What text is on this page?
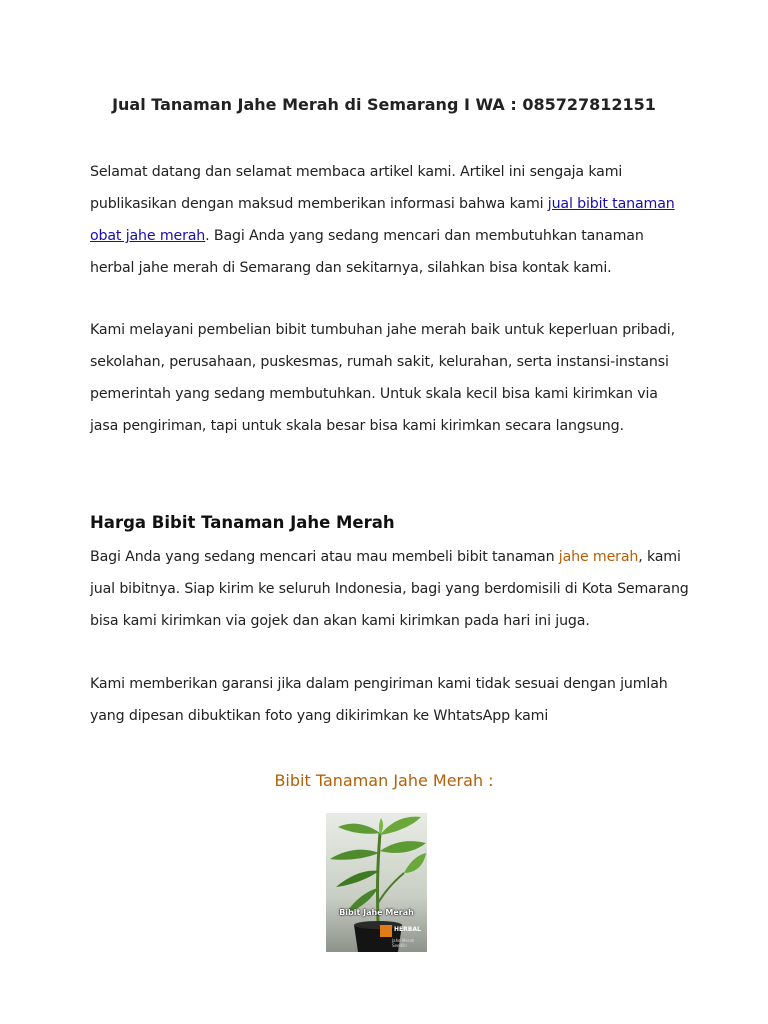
Jual Tanaman Jahe Merah di Semarang I WA : 085727812151

Selamat datang dan selamat membaca artikel kami. Artikel ini sengaja kami publikasikan dengan maksud memberikan informasi bahwa kami jual bibit tanaman obat jahe merah. Bagi Anda yang sedang mencari dan membutuhkan tanaman herbal jahe merah di Semarang dan sekitarnya, silahkan bisa kontak kami.

Kami melayani pembelian bibit tumbuhan jahe merah baik untuk keperluan pribadi, sekolahan, perusahaan, puskesmas, rumah sakit, kelurahan, serta instansi-instansi pemerintah yang sedang membutuhkan. Untuk skala kecil bisa kami kirimkan via jasa pengiriman, tapi untuk skala besar bisa kami kirimkan secara langsung.

Harga Bibit Tanaman Jahe Merah

Bagi Anda yang sedang mencari atau mau membeli bibit tanaman jahe merah, kami jual bibitnya. Siap kirim ke seluruh Indonesia, bagi yang berdomisili di Kota Semarang bisa kami kirimkan via gojek dan akan kami kirimkan pada hari ini juga.

Kami memberikan garansi jika dalam pengiriman kami tidak sesuai dengan jumlah yang dipesan dibuktikan foto yang dikirimkan ke WhtatsApp kami

Bibit Tanaman Jahe Merah :

Bibit Jahe Merah
HERBAL
Jahe Merah Seedlin
